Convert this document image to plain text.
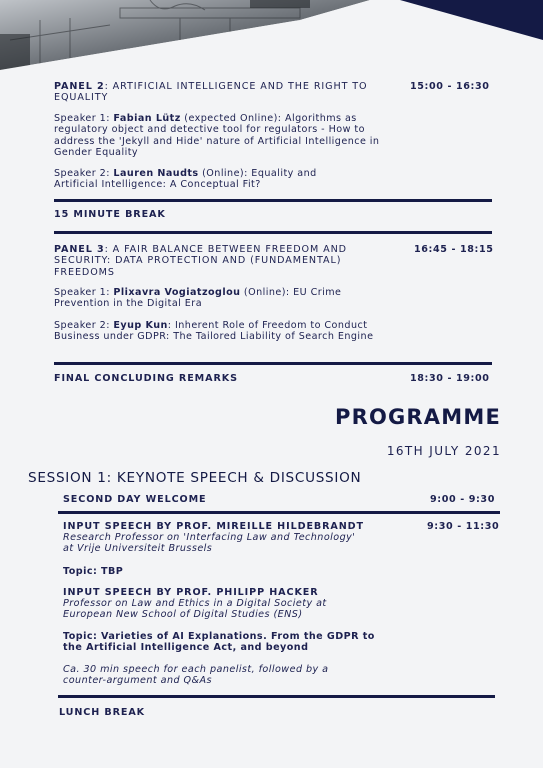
PANEL 2: ARTIFICIAL INTELLIGENCE AND THE RIGHT TO EQUALITY
15:00 - 16:30
Speaker 1: Fabian Lütz (expected Online): Algorithms as regulatory object and detective tool for regulators - How to address the 'Jekyll and Hide' nature of Artificial Intelligence in Gender Equality
Speaker 2: Lauren Naudts (Online): Equality and Artificial Intelligence: A Conceptual Fit?
15 MINUTE BREAK
PANEL 3: A FAIR BALANCE BETWEEN FREEDOM AND SECURITY: DATA PROTECTION AND (FUNDAMENTAL) FREEDOMS
16:45 - 18:15
Speaker 1: Plixavra Vogiatzoglou (Online): EU Crime Prevention in the Digital Era
Speaker 2: Eyup Kun: Inherent Role of Freedom to Conduct Business under GDPR: The Tailored Liability of Search Engine
FINAL CONCLUDING REMARKS	18:30 - 19:00
PROGRAMME
16TH JULY 2021
SESSION 1: KEYNOTE SPEECH & DISCUSSION
SECOND DAY WELCOME	9:00 - 9:30
INPUT SPEECH BY PROF. MIREILLE HILDEBRANDT	9:30 - 11:30
Research Professor on 'Interfacing Law and Technology'
at Vrije Universiteit Brussels
Topic: TBP
INPUT SPEECH BY PROF. PHILIPP HACKER
Professor on Law and Ethics in a Digital Society at
European New School of Digital Studies (ENS)
Topic: Varieties of AI Explanations. From the GDPR to
the Artificial Intelligence Act, and beyond
Ca. 30 min speech for each panelist, followed by a
counter-argument and Q&As
LUNCH BREAK
